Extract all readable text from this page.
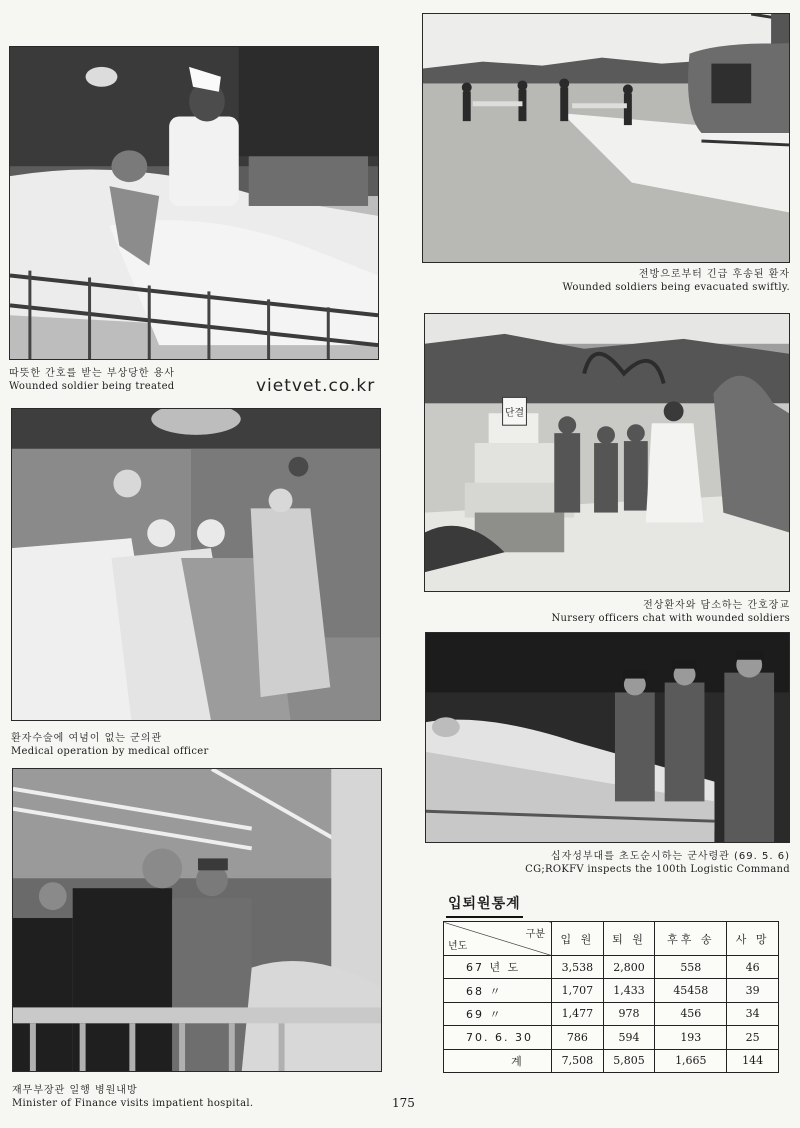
따뜻한 간호를 받는 부상당한 용사
Wounded soldier being treated	vietvet.co.kr
전방으로부터 긴급 후송된 환자
Wounded soldiers being evacuated swiftly.
환자수술에 여념이 없는 군의관
Medical operation by medical officer
단결
전상환자와 담소하는 간호장교
Nursery officers chat with wounded soldiers
십자성부대를 초도순시하는 군사령관 (69. 5. 6)
CG;ROKFV inspects the 100th Logistic Command
재무부장관 일행 병원내방
Minister of Finance visits impatient hospital.
입퇴원통계
구분
년도	입 원	퇴 원	후후 송	사 망
67 년 도	3,538	2,800	558	46
68 〃	1,707	1,433	45458	39
69 〃	1,477	978	456	34
70. 6. 30	786	594	193	25
계	7,508	5,805	1,665	144
175
